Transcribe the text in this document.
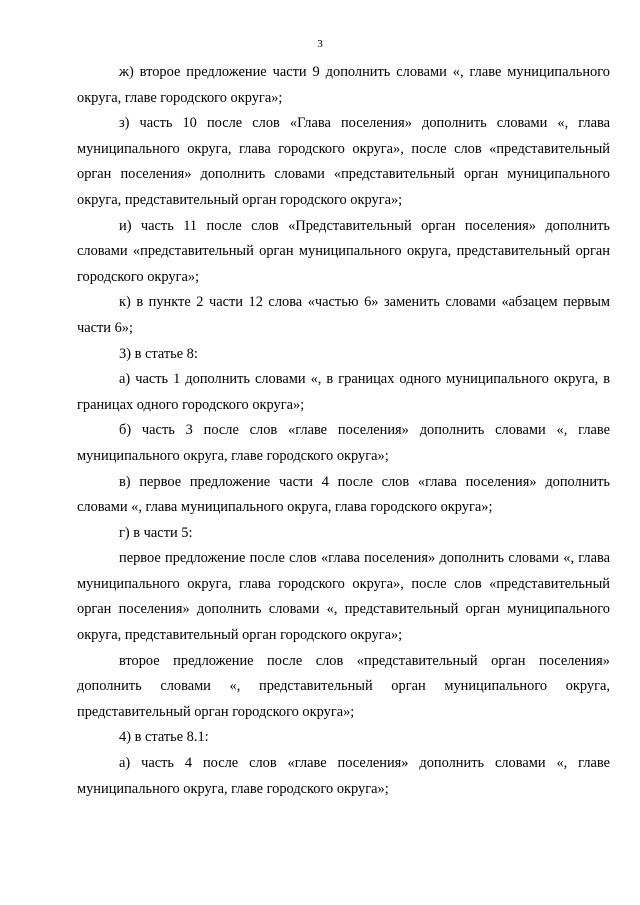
3

ж) второе предложение части 9 дополнить словами «, главе муниципального округа, главе городского округа»;

з) часть 10 после слов «Глава поселения» дополнить словами «, глава муниципального округа, глава городского округа», после слов «представительный орган поселения» дополнить словами «представительный орган муниципального округа, представительный орган городского округа»;

и) часть 11 после слов «Представительный орган поселения» дополнить словами «представительный орган муниципального округа, представительный орган городского округа»;

к) в пункте 2 части 12 слова «частью 6» заменить словами «абзацем первым части 6»;

3) в статье 8:

а) часть 1 дополнить словами «, в границах одного муниципального округа, в границах одного городского округа»;

б) часть 3 после слов «главе поселения» дополнить словами «, главе муниципального округа, главе городского округа»;

в) первое предложение части 4 после слов «глава поселения» дополнить словами «, глава муниципального округа, глава городского округа»;

г) в части 5:

первое предложение после слов «глава поселения» дополнить словами «, глава муниципального округа, глава городского округа», после слов «представительный орган поселения» дополнить словами «, представительный орган муниципального округа, представительный орган городского округа»;

второе предложение после слов «представительный орган поселения» дополнить словами «, представительный орган муниципального округа, представительный орган городского округа»;

4) в статье 8.1:

а) часть 4 после слов «главе поселения» дополнить словами «, главе муниципального округа, главе городского округа»;
